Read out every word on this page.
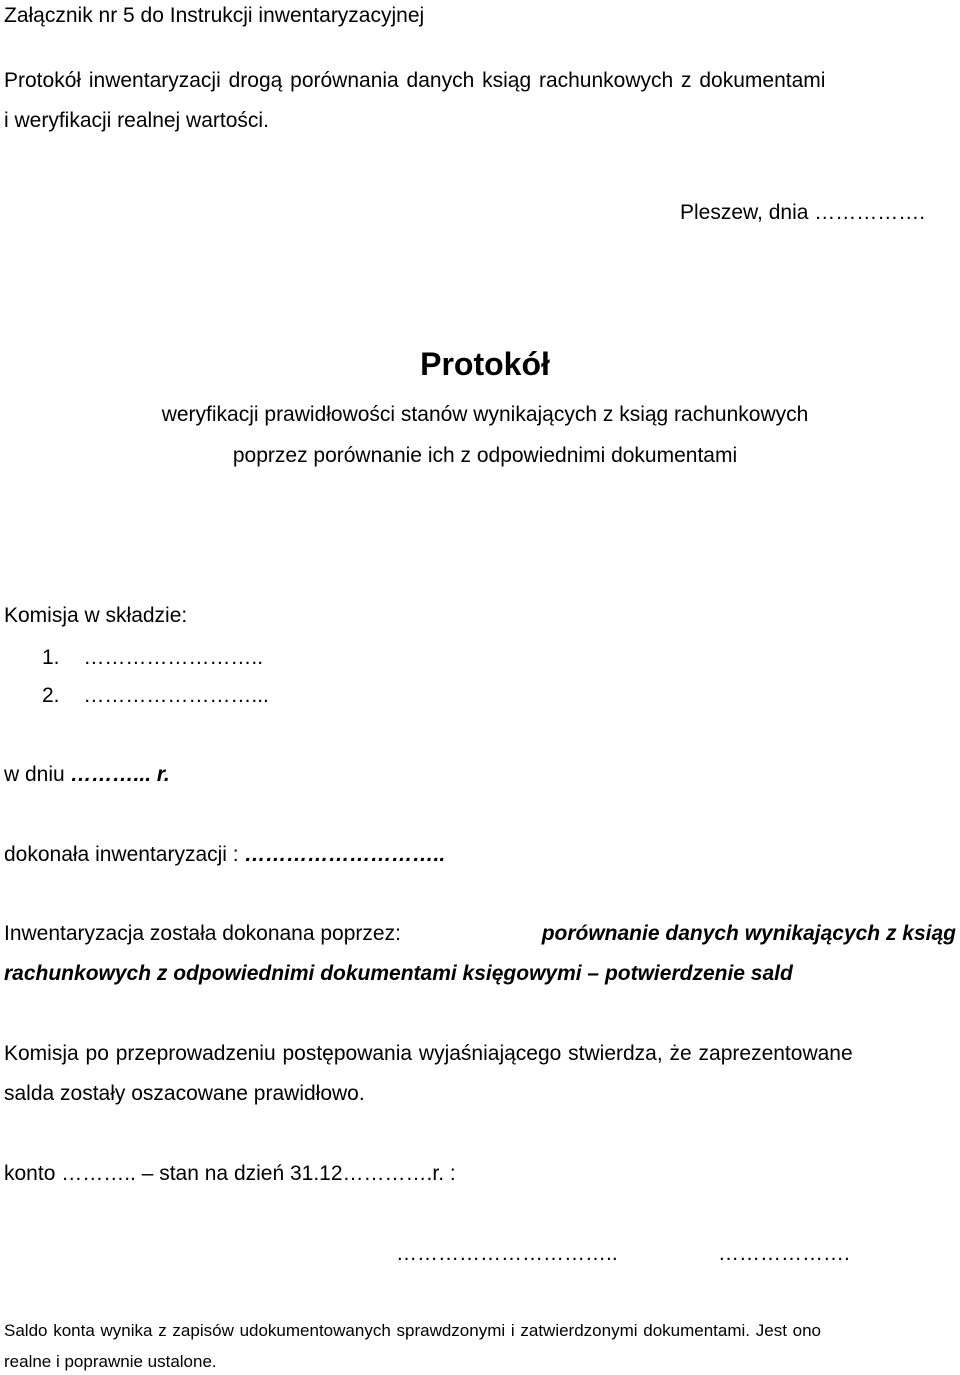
Załącznik nr 5 do Instrukcji inwentaryzacyjnej
Protokół inwentaryzacji drogą porównania danych ksiąg rachunkowych z dokumentami
i weryfikacji realnej wartości.
Pleszew, dnia …………….
Protokół
weryfikacji prawidłowości stanów wynikających z ksiąg rachunkowych
poprzez porównanie ich z odpowiednimi dokumentami
Komisja w składzie:
1. ……………………..
2. ……………………...
w dniu ………... r.
dokonała inwentaryzacji : ………………………..
Inwentaryzacja została dokonana poprzez:	porównanie danych wynikających z ksiąg
rachunkowych z odpowiednimi dokumentami księgowymi – potwierdzenie sald
Komisja po przeprowadzeniu postępowania wyjaśniającego stwierdza, że zaprezentowane
salda zostały oszacowane prawidłowo.
konto ……….. – stan na dzień 31.12………….r. :
…………………………..	……………….
Saldo konta wynika z zapisów udokumentowanych sprawdzonymi i zatwierdzonymi dokumentami. Jest ono
realne i poprawnie ustalone.
